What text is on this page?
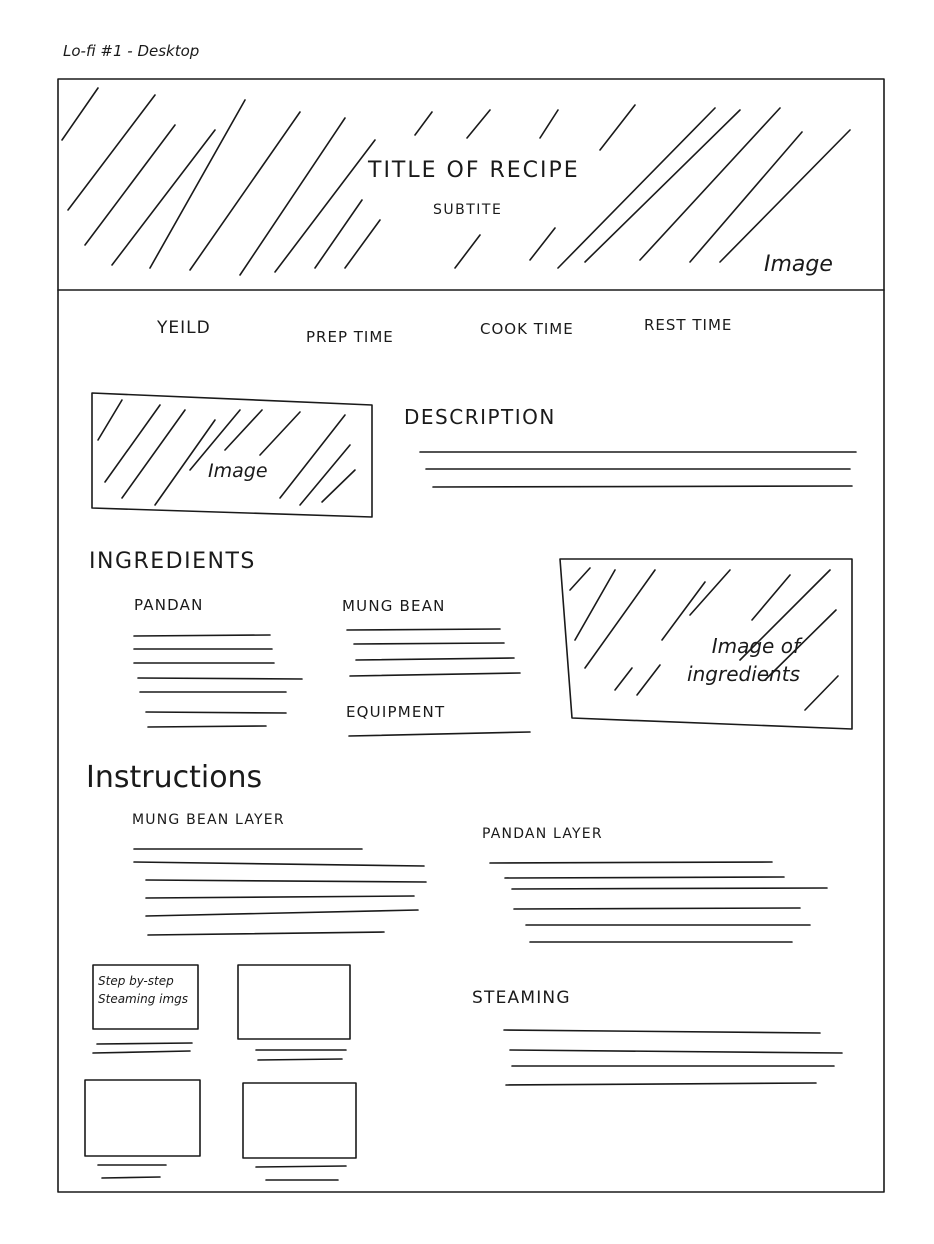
Lo-fi #1 - Desktop
TITLE OF RECIPE
SUBTITE
Image
YEILD	PREP TIME	COOK TIME	REST TIME
DESCRIPTION
Image
INGREDIENTS
PANDAN	MUNG BEAN
EQUIPMENT
Image of ingredients
Instructions
MUNG BEAN LAYER
PANDAN LAYER
STEAMING
Step by-step Steaming imgs
